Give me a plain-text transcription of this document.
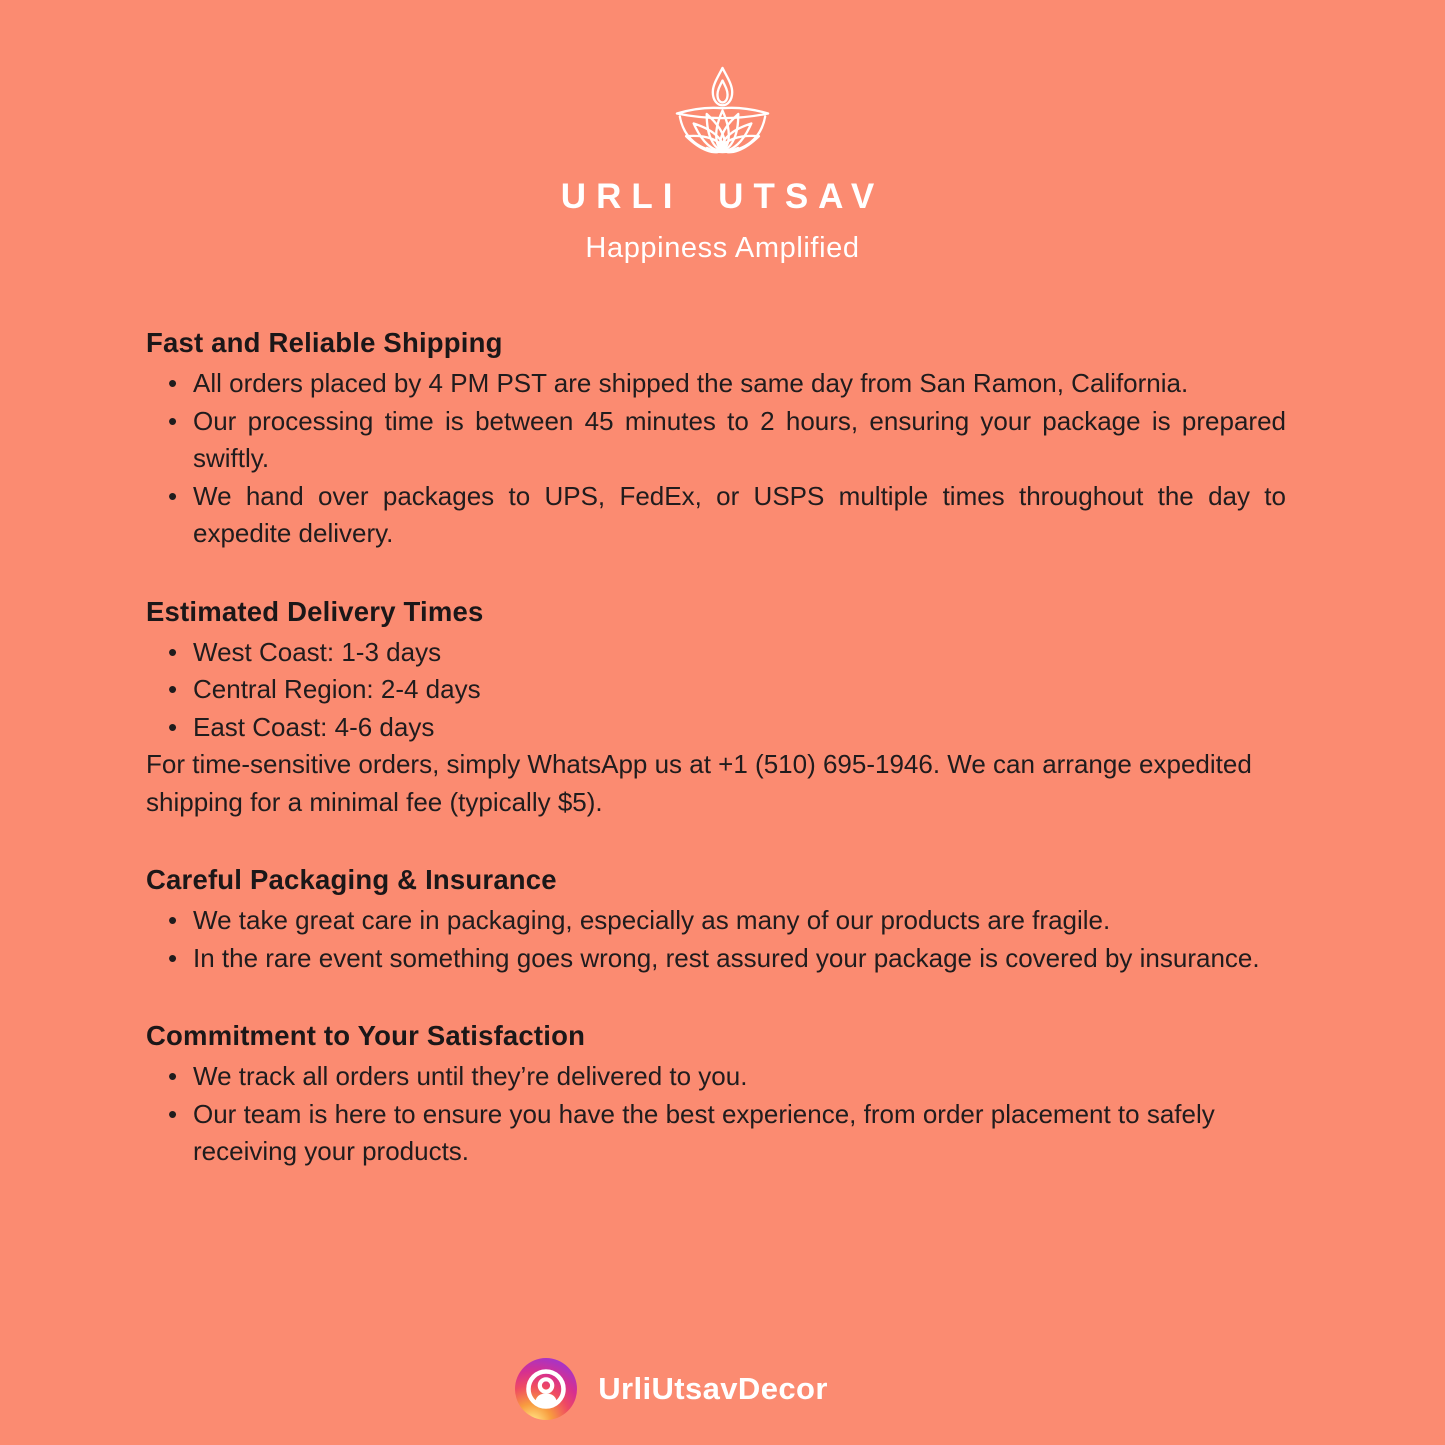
URLI UTSAV
Happiness Amplified
Fast and Reliable Shipping
• All orders placed by 4 PM PST are shipped the same day from San Ramon, California.
• Our processing time is between 45 minutes to 2 hours, ensuring your package is prepared swiftly.
• We hand over packages to UPS, FedEx, or USPS multiple times throughout the day to expedite delivery.
Estimated Delivery Times
• West Coast: 1-3 days
• Central Region: 2-4 days
• East Coast: 4-6 days

For time-sensitive orders, simply WhatsApp us at +1 (510) 695-1946. We can arrange expedited shipping for a minimal fee (typically $5).

Careful Packaging & Insurance
• We take great care in packaging, especially as many of our products are fragile.
• In the rare event something goes wrong, rest assured your package is covered by insurance.
Commitment to Your Satisfaction
• We track all orders until they’re delivered to you.
• Our team is here to ensure you have the best experience, from order placement to safely receiving your products.
UrliUtsavDecor
